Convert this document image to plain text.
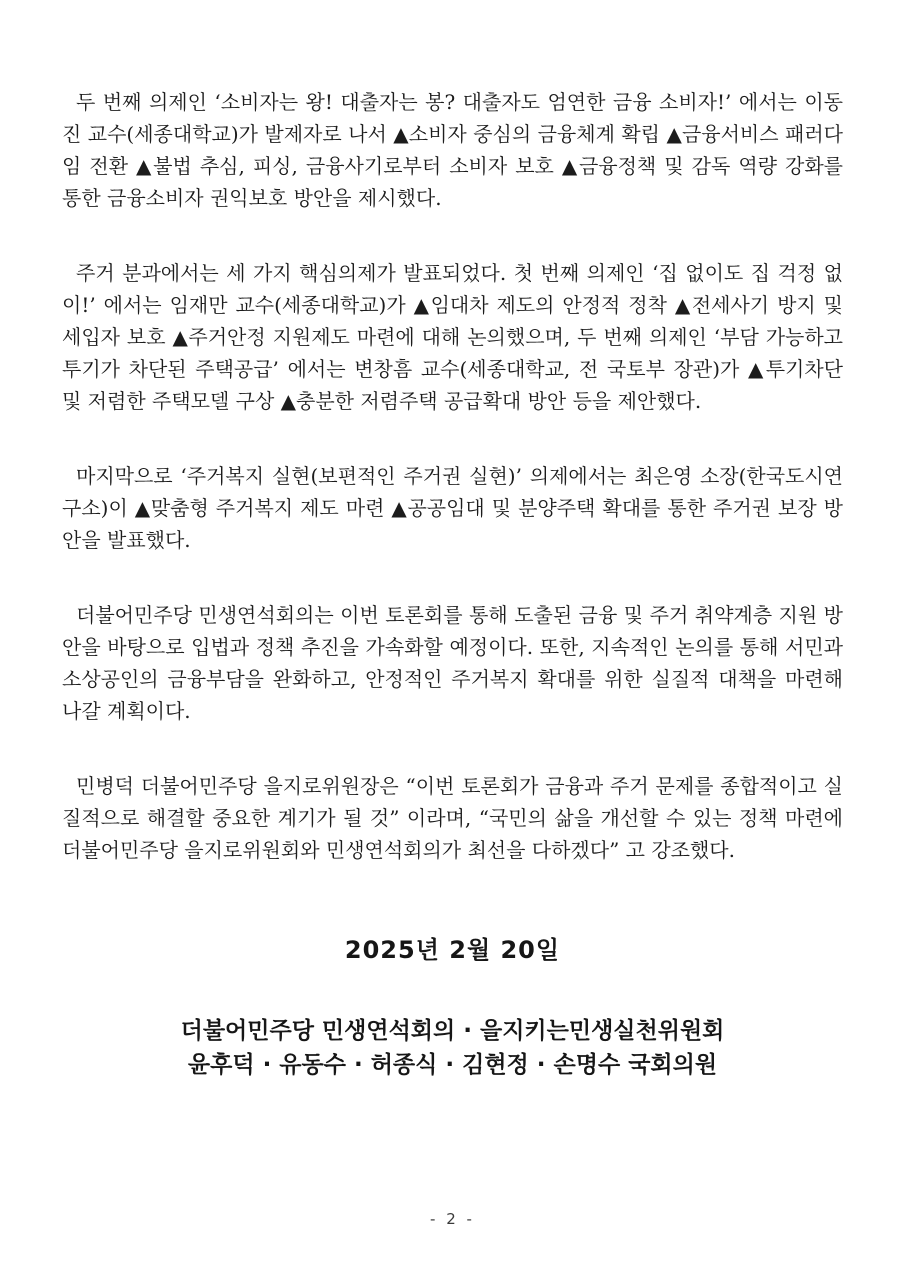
두 번째 의제인 ‘소비자는 왕! 대출자는 봉? 대출자도 엄연한 금융 소비자!’ 에서는 이동진 교수(세종대학교)가 발제자로 나서 ▲소비자 중심의 금융체계 확립 ▲금융서비스 패러다임 전환 ▲불법 추심, 피싱, 금융사기로부터 소비자 보호 ▲금융정책 및 감독 역량 강화를 통한 금융소비자 권익보호 방안을 제시했다.

주거 분과에서는 세 가지 핵심의제가 발표되었다. 첫 번째 의제인 ‘집 없이도 집 걱정 없이!’ 에서는 임재만 교수(세종대학교)가 ▲임대차 제도의 안정적 정착 ▲전세사기 방지 및 세입자 보호 ▲주거안정 지원제도 마련에 대해 논의했으며, 두 번째 의제인 ‘부담 가능하고 투기가 차단된 주택공급’ 에서는 변창흠 교수(세종대학교, 전 국토부 장관)가 ▲투기차단 및 저렴한 주택모델 구상 ▲충분한 저렴주택 공급확대 방안 등을 제안했다.

마지막으로 ‘주거복지 실현(보편적인 주거권 실현)’ 의제에서는 최은영 소장(한국도시연구소)이 ▲맞춤형 주거복지 제도 마련 ▲공공임대 및 분양주택 확대를 통한 주거권 보장 방안을 발표했다.

더불어민주당 민생연석회의는 이번 토론회를 통해 도출된 금융 및 주거 취약계층 지원 방안을 바탕으로 입법과 정책 추진을 가속화할 예정이다. 또한, 지속적인 논의를 통해 서민과 소상공인의 금융부담을 완화하고, 안정적인 주거복지 확대를 위한 실질적 대책을 마련해 나갈 계획이다.

민병덕 더불어민주당 을지로위원장은 “이번 토론회가 금융과 주거 문제를 종합적이고 실질적으로 해결할 중요한 계기가 될 것” 이라며, “국민의 삶을 개선할 수 있는 정책 마련에 더불어민주당 을지로위원회와 민생연석회의가 최선을 다하겠다” 고 강조했다.

2025년 2월 20일
더불어민주당 민생연석회의 · 을지키는민생실천위원회
윤후덕 · 유동수 · 허종식 · 김현정 · 손명수 국회의원
- 2 -
